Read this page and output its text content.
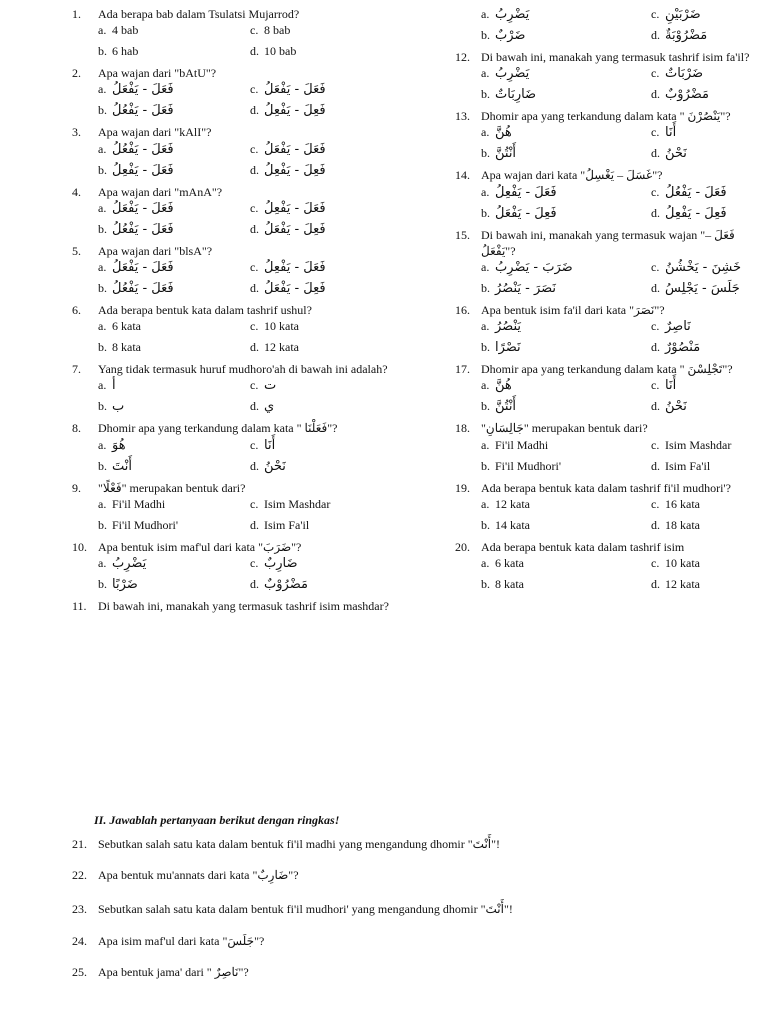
1.	Ada berapa bab dalam Tsulatsi Mujarrod?
a. 4 bab	c. 8 bab
b. 6 hab	d. 10 bab
2.	Apa wajan dari "bAtU"?
a. فَعَلَ - يَفْعَلُ	c. فَعَلَ - يَفْعَلُ
b. فَعَلَ - يَفْعُلُ	d. فَعِلَ - يَفْعِلُ
3.	Apa wajan dari "kAlI"?
a. فَعَلَ - يَفْعُلُ	c. فَعَلَ - يَفْعَلُ
b. فَعَلَ - يَفْعِلُ	d. فَعِلَ - يَفْعِلُ
4.	Apa wajan dari "mAnA"?
a. فَعَلَ - يَفْعَلُ	c. فَعَلَ - يَفْعِلُ
b. فَعَلَ - يَفْعُلُ	d. فَعِلَ - يَفْعَلُ
5.	Apa wajan dari "blsA"?
a. فَعَلَ - يَفْعَلُ	c. فَعَلَ - يَفْعِلُ
b. فَعَلَ - يَفْعُلُ	d. فَعِلَ - يَفْعَلُ
6.	Ada berapa bentuk kata dalam tashrif ushul?
a. 6 kata	c. 10 kata
b. 8 kata	d. 12 kata
7.	Yang tidak termasuk huruf mudhoro'ah di bawah ini adalah?
a. أ	c. ت
b. ب	d. ي
8.	Dhomir apa yang terkandung dalam kata " فَعَلْنَا"?
a. هُوَ	c. أَنَا
b. أَنْتَ	d. نَحْنُ
9.	"فَعْلًا" merupakan bentuk dari?
a. Fi'il Madhi	c. Isim Mashdar
b. Fi'il Mudhori'	d. Isim Fa'il
10. Apa bentuk isim maf'ul dari kata "ضَرَبَ"?
a. يَضْرِبُ	c. ضَارِبٌ
b. ضَرْبًا	d. مَضْرُوْبٌ
11. Di bawah ini, manakah yang termasuk tashrif isim mashdar?
a. يَضْرِبُ	c. ضَرْبَيْنِ
b. ضَرْبٌ	d. مَضْرُوْبَةٌ
12. Di bawah ini, manakah yang termasuk tashrif isim fa'il?
a. يَضْرِبُ	c. ضَرْبَاتٌ
b. ضَارِبَاتٌ	d. مَضْرُوْبٌ
13. Dhomir apa yang terkandung dalam kata " يَنْصُرْنَ"?
a. هُنَّ	c. أَنَا
b. أَنْتُنَّ	d. نَحْنُ
14. Apa wajan dari kata "غَسَلَ – يَغْسِلُ"?
a. فَعَلَ - يَفْعِلُ	c. فَعَلَ - يَفْعُلُ
b. فَعِلَ - يَفْعَلُ	d. فَعِلَ - يَفْعِلُ
15. Di bawah ini, manakah yang termasuk wajan "فَعَلَ – يَفْعَلُ"?
a. ضَرَبَ - يَضْرِبُ	c. خَشِنَ - يَخْشُنُ
b. نَصَرَ - يَنْصُرُ	d. جَلَسَ - يَجْلِسُ
16. Apa bentuk isim fa'il dari kata "نَصَرَ"?
a. يَنْصُرُ	c. نَاصِرٌ
b. نَصْرًا	d. مَنْصُوْرٌ
17. Dhomir apa yang terkandung dalam kata " تَجْلِسْنَ"?
a. هُنَّ	c. أَنَا
b. أَنْتُنَّ	d. نَحْنُ
18. "جَالِسَانِ" merupakan bentuk dari?
a. Fi'il Madhi	c. Isim Mashdar
b. Fi'il Mudhori'	d. Isim Fa'il
19. Ada berapa bentuk kata dalam tashrif fi'il mudhori'?
a. 12 kata	c. 16 kata
b. 14 kata	d. 18 kata
20. Ada berapa bentuk kata dalam tashrif isim
a. 6 kata	c. 10 kata
b. 8 kata	d. 12 kata
II. Jawablah pertanyaan berikut dengan ringkas!
21. Sebutkan salah satu kata dalam bentuk fi'il madhi yang mengandung dhomir "أَنْتَ"!
22. Apa bentuk mu'annats dari kata "ضَارِبٌ"?
23. Sebutkan salah satu kata dalam bentuk fi'il mudhori' yang mengandung dhomir "أَنْتَ"!
24. Apa isim maf'ul dari kata "جَلَسَ"?
25. Apa bentuk jama' dari " نَاصِرٌ"?
